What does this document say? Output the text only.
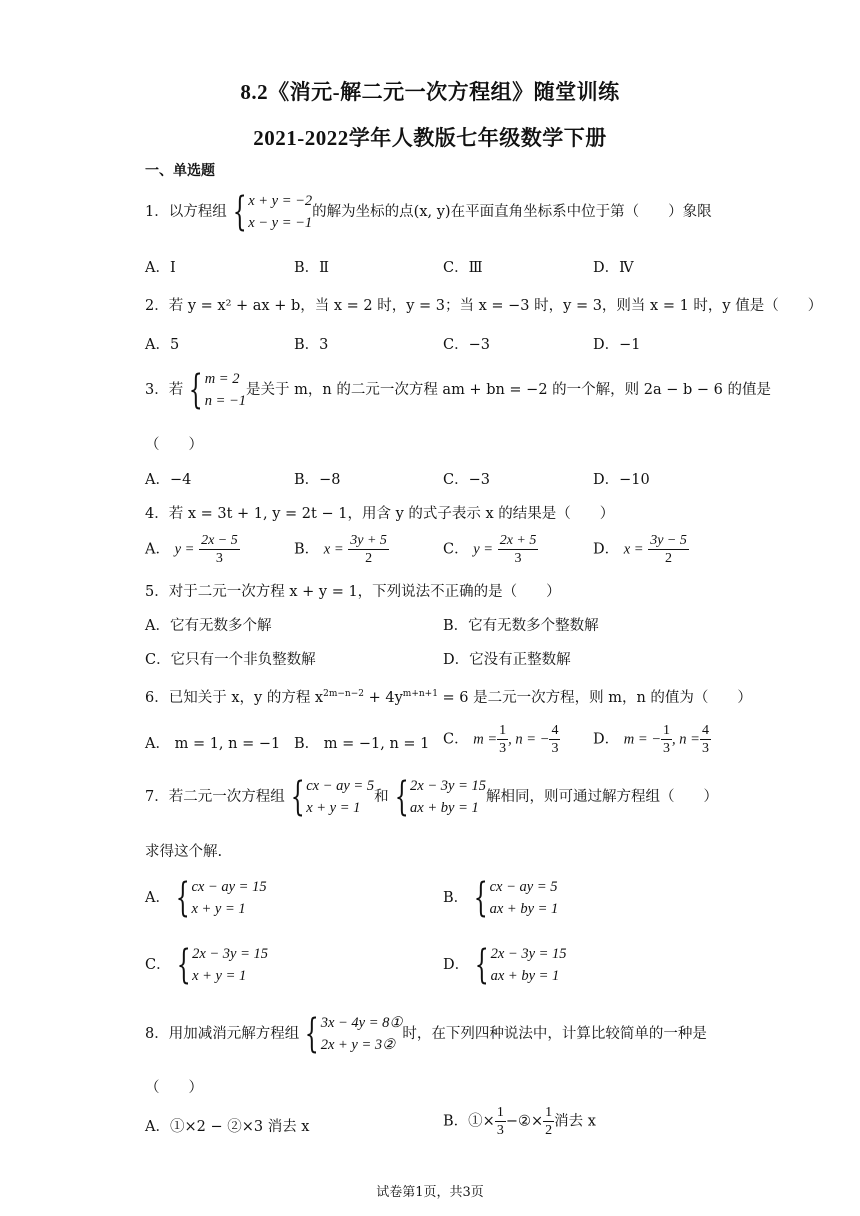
8.2《消元-解二元一次方程组》随堂训练
2021-2022学年人教版七年级数学下册
一、单选题
1．以方程组 { x + y = −2
x − y = −1
的解为坐标的点(x, y)在平面直角坐标系中位于第（　　）象限
A．I	B．Ⅱ	C．Ⅲ	D．Ⅳ
2．若 y = x² + ax + b，当 x = 2 时，y = 3；当 x = −3 时，y = 3，则当 x = 1 时，y 值是（　　）
A．5	B．3	C．−3	D．−1
3．若 { m = 2
n = −1
是关于 m，n 的二元一次方程 am + bn = −2 的一个解，则 2a − b − 6 的值是
（　　）
A．−4	B．−8	C．−3	D．−10
4．若 x = 3t + 1, y = 2t − 1，用含 y 的式子表示 x 的结果是（　　）
A． $y = \frac{2x - 5}{3}$	B． $x = \frac{3y + 5}{2}$	C． $y = \frac{2x + 5}{3}$	D． $x = \frac{3y - 5}{2}$
5．对于二元一次方程 x + y = 1，下列说法不正确的是（　　）
A．它有无数多个解	B．它有无数多个整数解
C．它只有一个非负整数解	D．它没有正整数解
6．已知关于 x，y 的方程 $x^{2m-n-2} + 4y^{m+n+1} = 6$ 是二元一次方程，则 m，n 的值为（　　）
A． m = 1, n = −1 B． m = −1, n = 1 C． $m = \frac{1}{3}$ , n = − $\frac{4}{3}$ D． m = − $\frac{1}{3}$ , $n = \frac{4}{3}$
7．若二元一次方程组 { cx − ay = 5
x + y = 1
和 { 2x − 3y = 15
ax + by = 1
解相同，则可通过解方程组（　　）
求得这个解.
A． { cx − ay = 15
x + y = 1
B． { cx − ay = 5
ax + by = 1
C． { 2x − 3y = 15
x + y = 1
D． { 2x − 3y = 15
ax + by = 1
8．用加减消元解方程组 { 3x − 4y = 8①
2x + y = 3②
时，在下列四种说法中，计算比较简单的一种是
（　　）
A．①×2 − ②×3 消去 x	B．①× $\frac{1}{3}$ −②× $\frac{1}{2}$ 消去 x
试卷第1页，共3页
